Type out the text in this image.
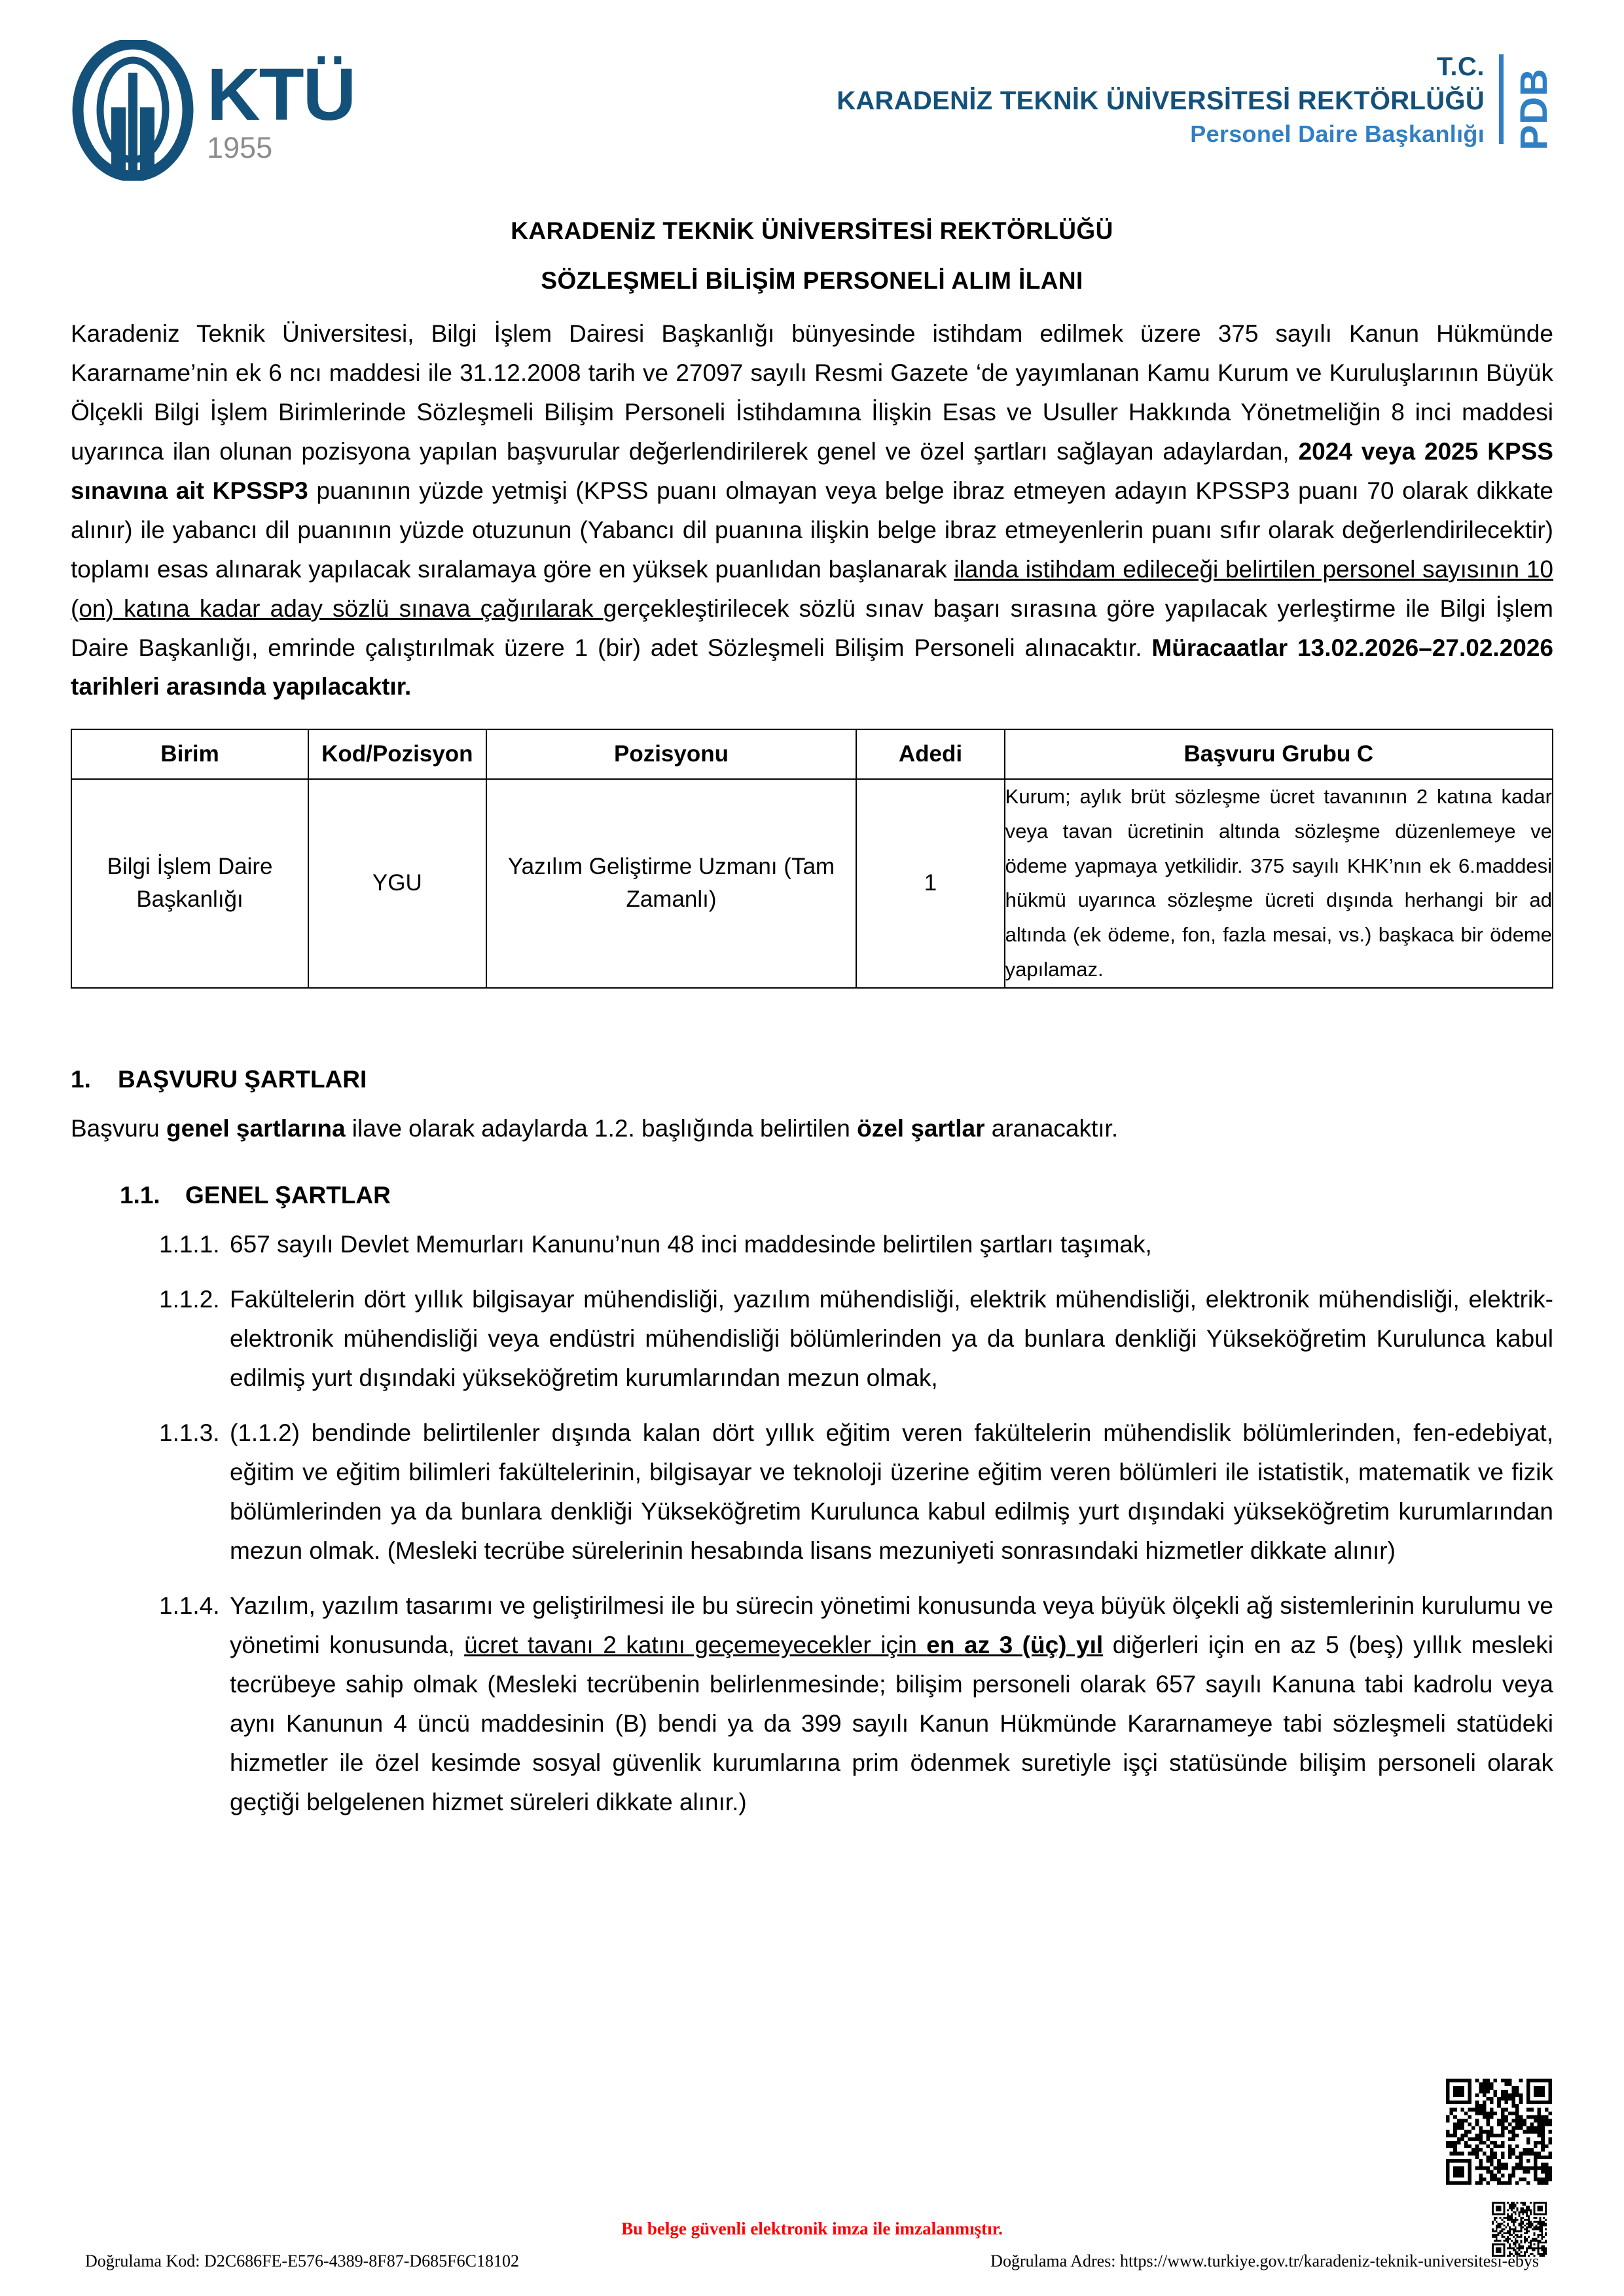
KTÜ
1955
T.C.
KARADENİZ TEKNİK ÜNİVERSİTESİ REKTÖRLÜĞÜ
Personel Daire Başkanlığı PDB
KARADENİZ TEKNİK ÜNİVERSİTESİ REKTÖRLÜĞÜ
SÖZLEŞMELİ BİLİŞİM PERSONELİ ALIM İLANI

Karadeniz Teknik Üniversitesi, Bilgi İşlem Dairesi Başkanlığı bünyesinde istihdam edilmek üzere 375 sayılı Kanun Hükmünde Kararname’nin ek 6 ncı maddesi ile 31.12.2008 tarih ve 27097 sayılı Resmi Gazete ‘de yayımlanan Kamu Kurum ve Kuruluşlarının Büyük Ölçekli Bilgi İşlem Birimlerinde Sözleşmeli Bilişim Personeli İstihdamına İlişkin Esas ve Usuller Hakkında Yönetmeliğin 8 inci maddesi uyarınca ilan olunan pozisyona yapılan başvurular değerlendirilerek genel ve özel şartları sağlayan adaylardan, 2024 veya 2025 KPSS sınavına ait KPSSP3 puanının yüzde yetmişi (KPSS puanı olmayan veya belge ibraz etmeyen adayın KPSSP3 puanı 70 olarak dikkate alınır) ile yabancı dil puanının yüzde otuzunun (Yabancı dil puanına ilişkin belge ibraz etmeyenlerin puanı sıfır olarak değerlendirilecektir) toplamı esas alınarak yapılacak sıralamaya göre en yüksek puanlıdan başlanarak ilanda istihdam edileceği belirtilen personel sayısının 10 (on) katına kadar aday sözlü sınava çağırılarak gerçekleştirilecek sözlü sınav başarı sırasına göre yapılacak yerleştirme ile Bilgi İşlem Daire Başkanlığı, emrinde çalıştırılmak üzere 1 (bir) adet Sözleşmeli Bilişim Personeli alınacaktır. Müracaatlar 13.02.2026–27.02.2026 tarihleri arasında yapılacaktır.

Birim	Kod/Pozisyon	Pozisyonu	Adedi	Başvuru Grubu C
Bilgi İşlem Daire Başkanlığı	YGU	Yazılım Geliştirme Uzmanı (Tam Zamanlı)	1	Kurum; aylık brüt sözleşme ücret tavanının 2 katına kadar veya tavan ücretinin altında sözleşme düzenlemeye ve ödeme yapmaya yetkilidir. 375 sayılı KHK’nın ek 6.maddesi hükmü uyarınca sözleşme ücreti dışında herhangi bir ad altında (ek ödeme, fon, fazla mesai, vs.) başkaca bir ödeme yapılamaz.
1.	BAŞVURU ŞARTLARI
Başvuru genel şartlarına ilave olarak adaylarda 1.2. başlığında belirtilen özel şartlar aranacaktır.
1.1. GENEL ŞARTLAR
1.1.1. 657 sayılı Devlet Memurları Kanunu’nun 48 inci maddesinde belirtilen şartları taşımak,
1.1.2. Fakültelerin dört yıllık bilgisayar mühendisliği, yazılım mühendisliği, elektrik mühendisliği, elektronik mühendisliği, elektrik-elektronik mühendisliği veya endüstri mühendisliği bölümlerinden ya da bunlara denkliği Yükseköğretim Kurulunca kabul edilmiş yurt dışındaki yükseköğretim kurumlarından mezun olmak,
1.1.3. (1.1.2) bendinde belirtilenler dışında kalan dört yıllık eğitim veren fakültelerin mühendislik bölümlerinden, fen-edebiyat, eğitim ve eğitim bilimleri fakültelerinin, bilgisayar ve teknoloji üzerine eğitim veren bölümleri ile istatistik, matematik ve fizik bölümlerinden ya da bunlara denkliği Yükseköğretim Kurulunca kabul edilmiş yurt dışındaki yükseköğretim kurumlarından mezun olmak. (Mesleki tecrübe sürelerinin hesabında lisans mezuniyeti sonrasındaki hizmetler dikkate alınır)
1.1.4. Yazılım, yazılım tasarımı ve geliştirilmesi ile bu sürecin yönetimi konusunda veya büyük ölçekli ağ sistemlerinin kurulumu ve yönetimi konusunda, ücret tavanı 2 katını geçemeyecekler için en az 3 (üç) yıl diğerleri için en az 5 (beş) yıllık mesleki tecrübeye sahip olmak (Mesleki tecrübenin belirlenmesinde; bilişim personeli olarak 657 sayılı Kanuna tabi kadrolu veya aynı Kanunun 4 üncü maddesinin (B) bendi ya da 399 sayılı Kanun Hükmünde Kararnameye tabi sözleşmeli statüdeki hizmetler ile özel kesimde sosyal güvenlik kurumlarına prim ödenmek suretiyle işçi statüsünde bilişim personeli olarak geçtiği belgelenen hizmet süreleri dikkate alınır.)
Bu belge güvenli elektronik imza ile imzalanmıştır.
Doğrulama Kod: D2C686FE-E576-4389-8F87-D685F6C18102	Doğrulama Adres: https://www.turkiye.gov.tr/karadeniz-teknik-universitesi-ebys
